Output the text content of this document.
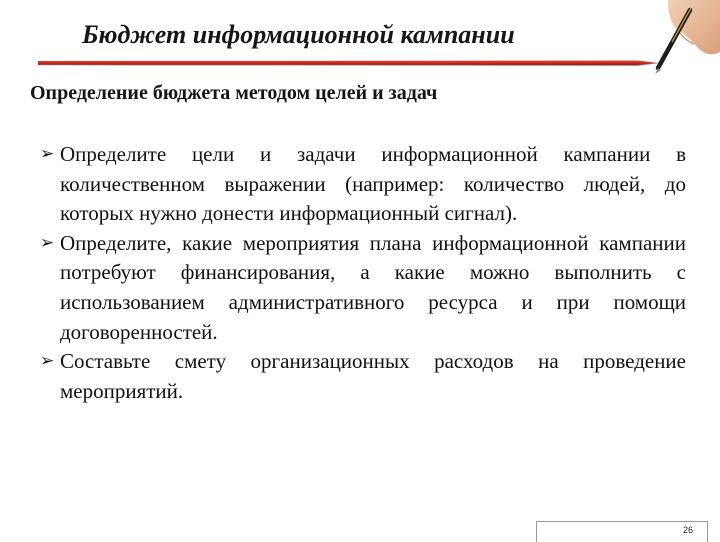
Бюджет информационной кампании
Определение бюджета методом целей и задач
➢ Определите цели и задачи информационной кампании в количественном выражении (например: количество людей, до которых нужно донести информационный сигнал).
➢ Определите, какие мероприятия плана информационной кампании потребуют финансирования, а какие можно выполнить с использованием административного ресурса и при помощи договоренностей.
➢ Составьте смету организационных расходов на проведение мероприятий.
26
